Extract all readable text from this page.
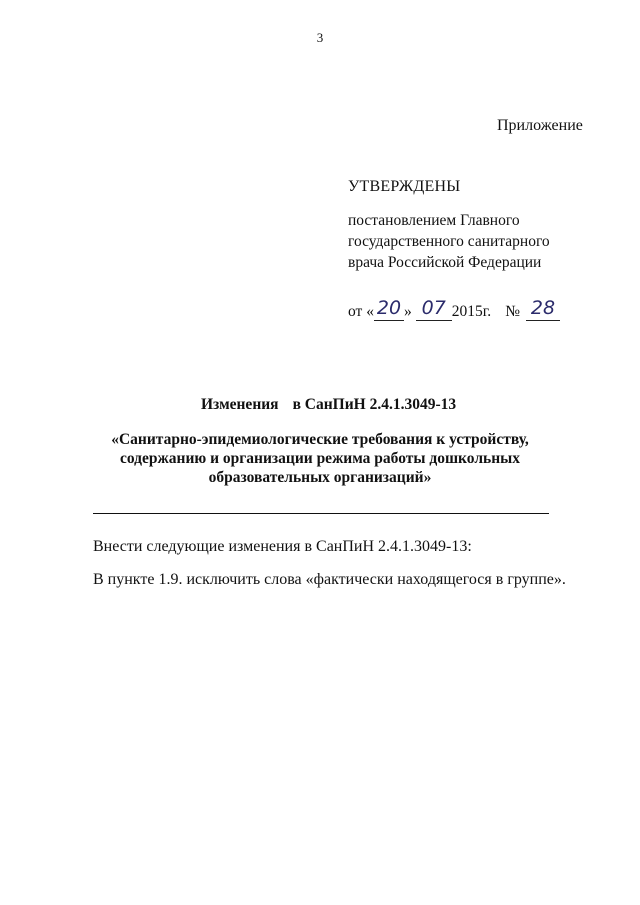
3
Приложение
УТВЕРЖДЕНЫ
постановлением Главного
государственного санитарного
врача Российской Федерации
от « 20 » 07 2015г. № 28
Изменения в СанПиН 2.4.1.3049-13
«Санитарно-эпидемиологические требования к устройству,
содержанию и организации режима работы дошкольных
образовательных организаций»
Внести следующие изменения в СанПиН 2.4.1.3049-13:
В пункте 1.9. исключить слова «фактически находящегося в группе».
